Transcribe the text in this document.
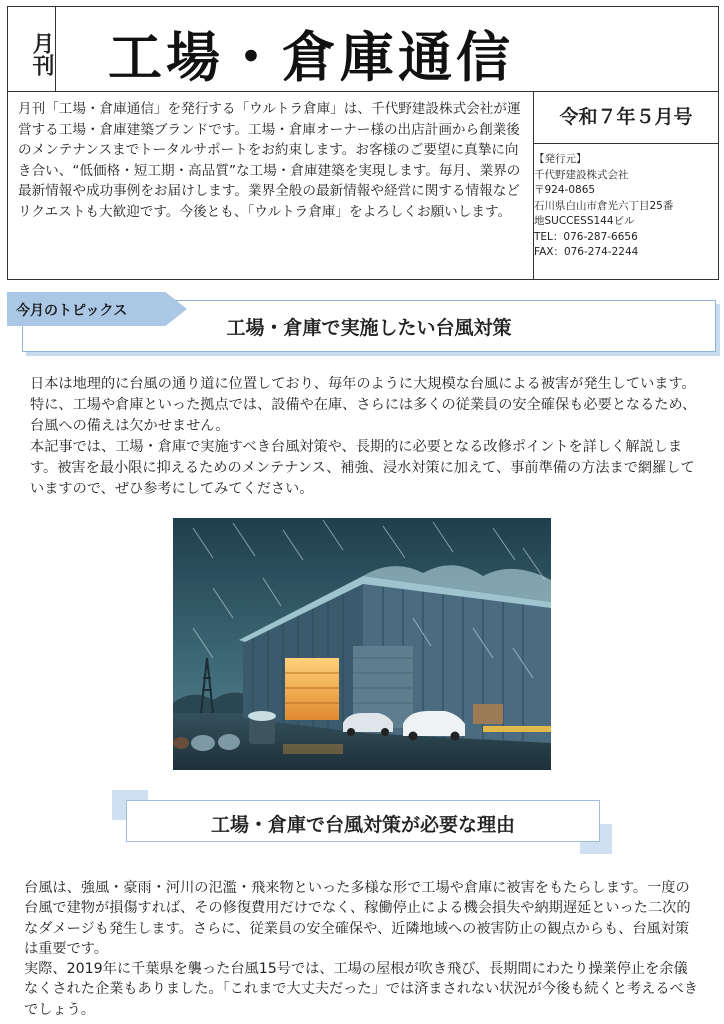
月刊 工場・倉庫通信
月刊「工場・倉庫通信」を発行する「ウルトラ倉庫」は、千代野建設株式会社が運営する工場・倉庫建築ブランドです。工場・倉庫オーナー様の出店計画から創業後のメンテナンスまでトータルサポートをお約束します。お客様のご要望に真摯に向き合い、“低価格・短工期・高品質”な工場・倉庫建築を実現します。毎月、業界の最新情報や成功事例をお届けします。業界全般の最新情報や経営に関する情報などリクエストも大歓迎です。今後とも、「ウルトラ倉庫」をよろしくお願いします。
令和７年５月号
【発行元】
千代野建設株式会社
〒924-0865
石川県白山市倉光六丁目25番
地SUCCESS144ビル
TEL：076-287-6656
FAX：076-274-2244
工場・倉庫で実施したい台風対策
今月のトピックス

日本は地理的に台風の通り道に位置しており、毎年のように大規模な台風による被害が発生しています。特に、工場や倉庫といった拠点では、設備や在庫、さらには多くの従業員の安全確保も必要となるため、台風への備えは欠かせません。

本記事では、工場・倉庫で実施すべき台風対策や、長期的に必要となる改修ポイントを詳しく解説します。被害を最小限に抑えるためのメンテナンス、補強、浸水対策に加えて、事前準備の方法まで網羅していますので、ぜひ参考にしてみてください。

工場・倉庫で台風対策が必要な理由

台風は、強風・豪雨・河川の氾濫・飛来物といった多様な形で工場や倉庫に被害をもたらします。一度の台風で建物が損傷すれば、その修復費用だけでなく、稼働停止による機会損失や納期遅延といった二次的なダメージも発生します。さらに、従業員の安全確保や、近隣地域への被害防止の観点からも、台風対策は重要です。

実際、2019年に千葉県を襲った台風15号では、工場の屋根が吹き飛び、長期間にわたり操業停止を余儀なくされた企業もありました。「これまで大丈夫だった」では済まされない状況が今後も続くと考えるべきでしょう。
